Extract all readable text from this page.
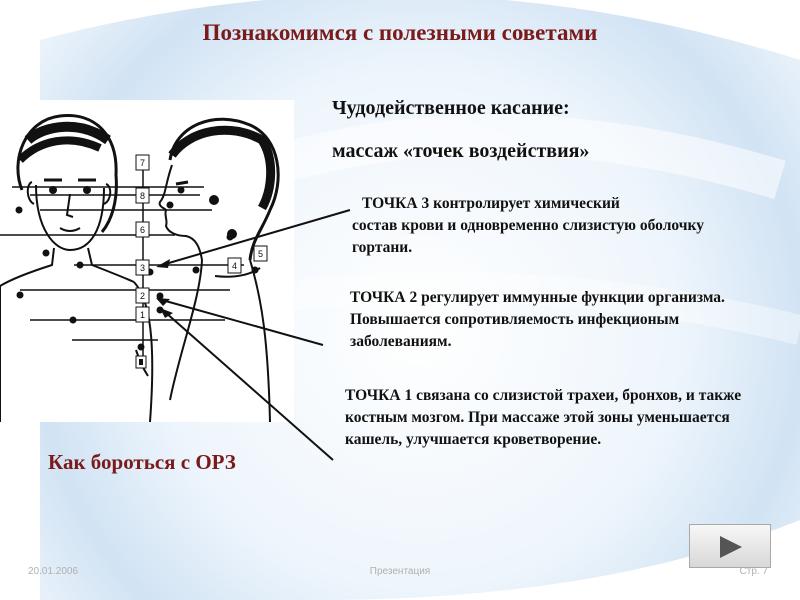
Познакомимся с полезными советами
7
8
6
3	4
5
2
1
Чудодейственное касание:
массаж «точек воздействия»
ТОЧКА 3 контролирует химический
состав крови и одновременно слизистую оболочку гортани.
ТОЧКА 2 регулирует иммунные функции организма. Повышается сопротивляемость инфекционым заболеваниям.
ТОЧКА 1 связана со слизистой трахеи, бронхов, и также костным мозгом. При массаже этой зоны уменьшается кашель, улучшается кроветворение.
Как бороться с ОРЗ
20.01.2006	Презентация	Стр. 7
